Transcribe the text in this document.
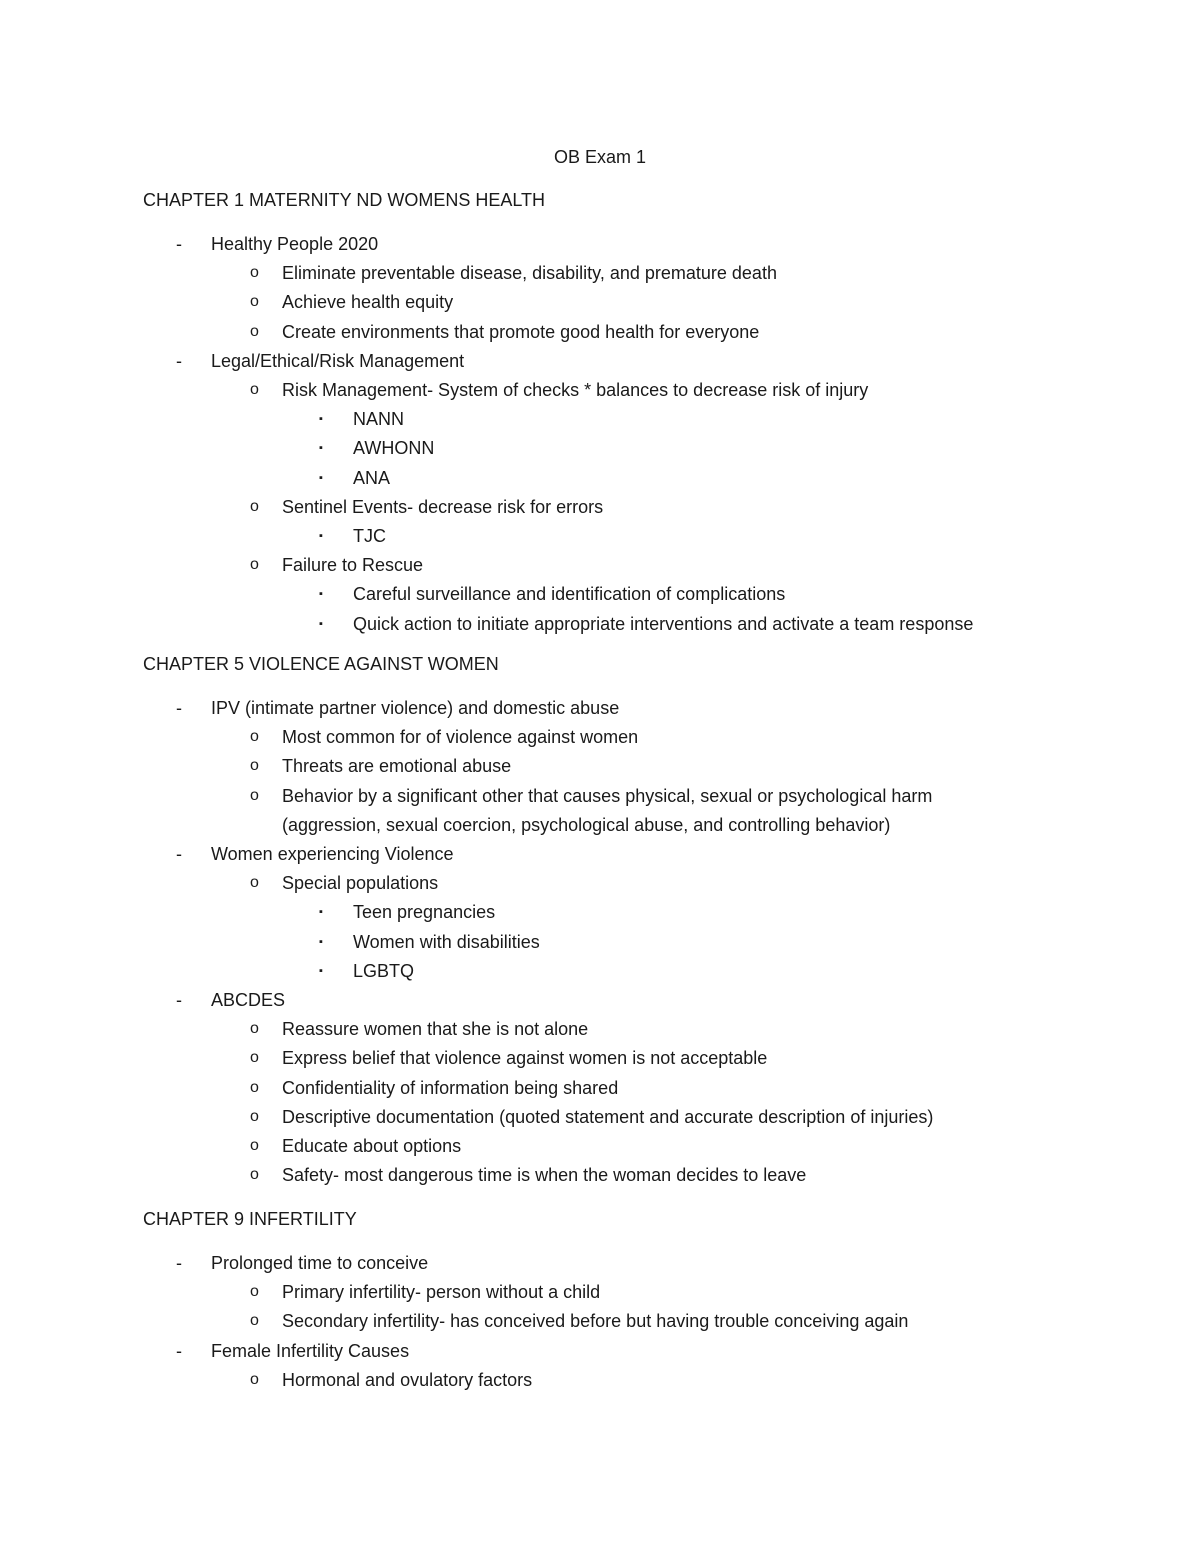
OB Exam 1
CHAPTER 1 MATERNITY ND WOMENS HEALTH
- Healthy People 2020
o Eliminate preventable disease, disability, and premature death
o Achieve health equity
o Create environments that promote good health for everyone
- Legal/Ethical/Risk Management
o Risk Management- System of checks * balances to decrease risk of injury
▪ NANN
▪ AWHONN
▪ ANA
o Sentinel Events- decrease risk for errors
▪ TJC
o Failure to Rescue
▪ Careful surveillance and identification of complications
▪ Quick action to initiate appropriate interventions and activate a team response
CHAPTER 5 VIOLENCE AGAINST WOMEN
- IPV (intimate partner violence) and domestic abuse
o Most common for of violence against women
o Threats are emotional abuse
o Behavior by a significant other that causes physical, sexual or psychological harm
(aggression, sexual coercion, psychological abuse, and controlling behavior)
- Women experiencing Violence
o Special populations
▪ Teen pregnancies
▪ Women with disabilities
▪ LGBTQ
- ABCDES
o Reassure women that she is not alone
o Express belief that violence against women is not acceptable
o Confidentiality of information being shared
o Descriptive documentation (quoted statement and accurate description of injuries)
o Educate about options
o Safety- most dangerous time is when the woman decides to leave
CHAPTER 9 INFERTILITY
- Prolonged time to conceive
o Primary infertility- person without a child
o Secondary infertility- has conceived before but having trouble conceiving again
- Female Infertility Causes
o Hormonal and ovulatory factors
